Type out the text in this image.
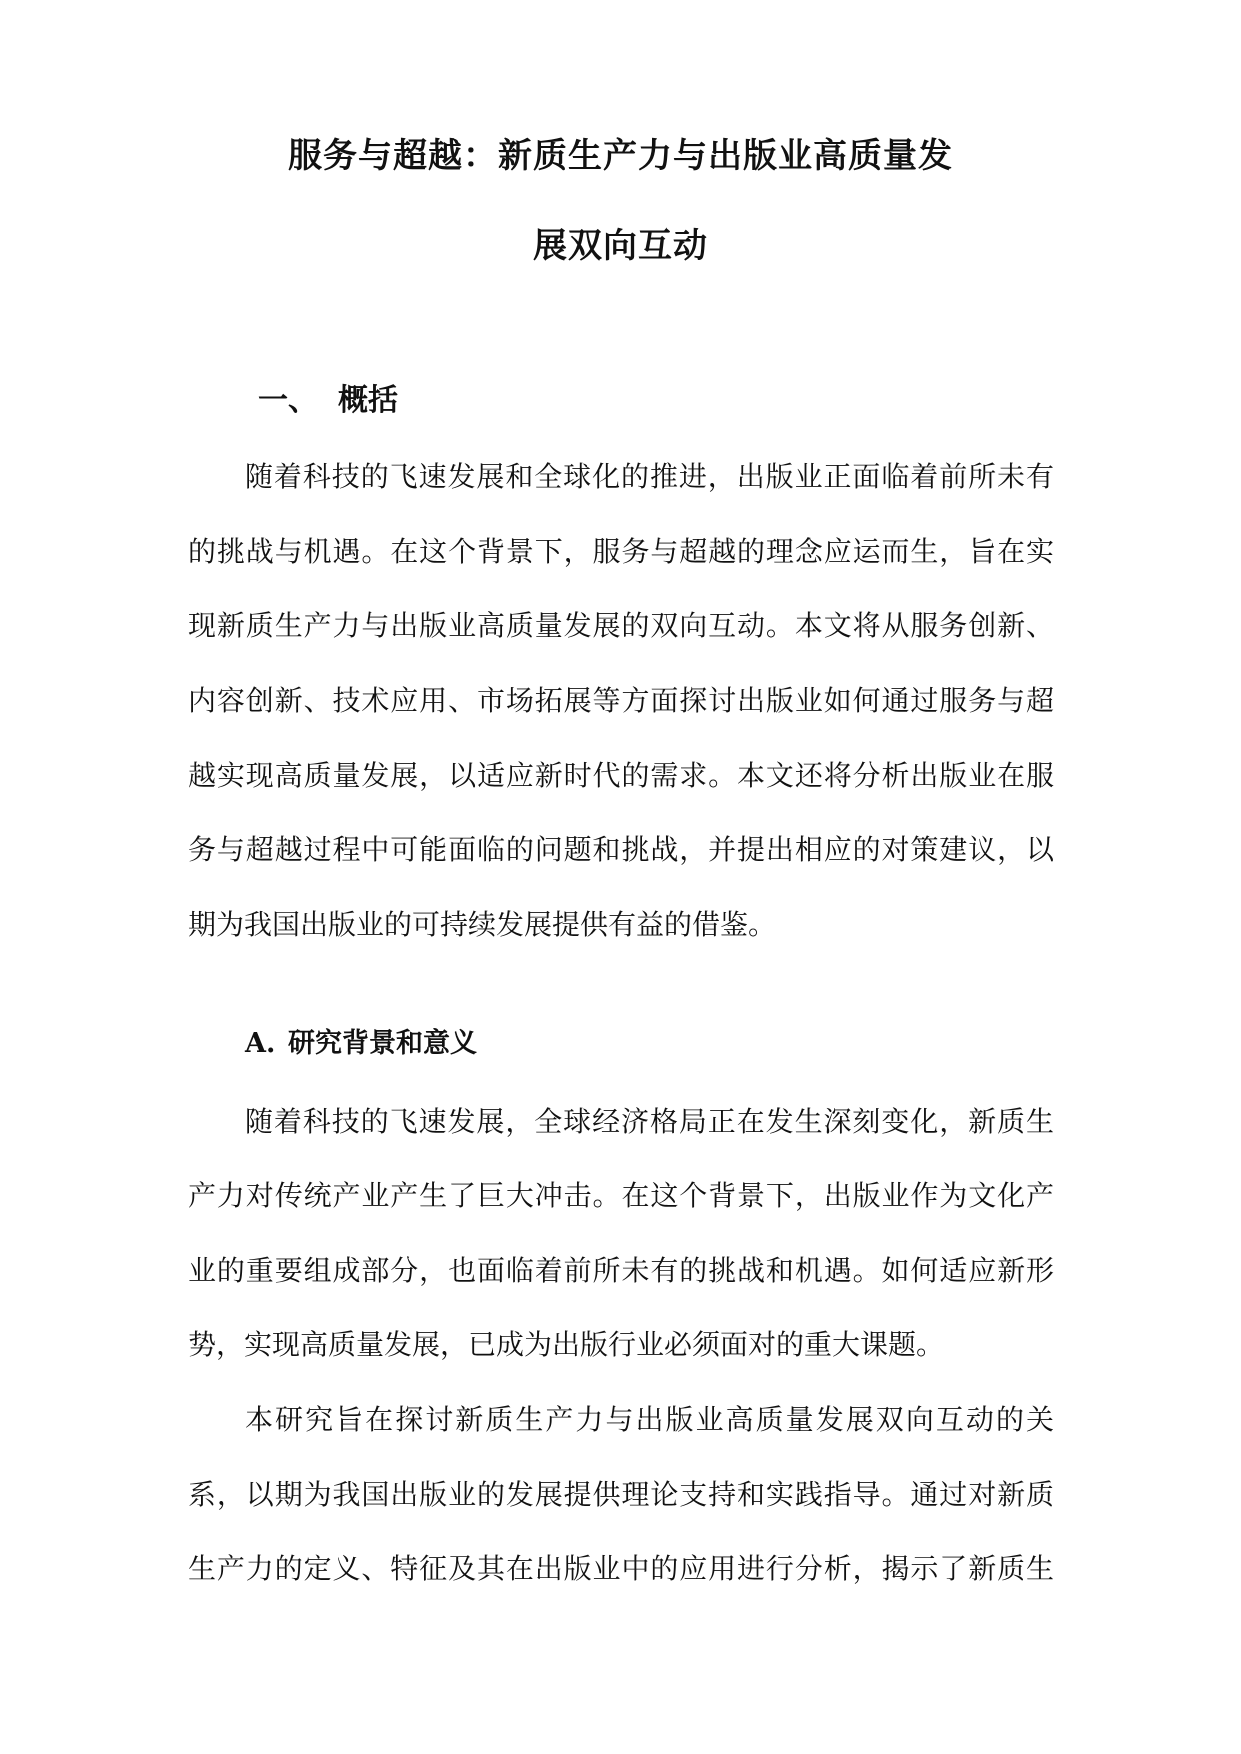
服务与超越：新质生产力与出版业高质量发
展双向互动
一、 概括
随着科技的飞速发展和全球化的推进，出版业正面临着前所未有
的挑战与机遇。在这个背景下，服务与超越的理念应运而生，旨在实
现新质生产力与出版业高质量发展的双向互动。本文将从服务创新、
内容创新、技术应用、市场拓展等方面探讨出版业如何通过服务与超
越实现高质量发展，以适应新时代的需求。本文还将分析出版业在服
务与超越过程中可能面临的问题和挑战，并提出相应的对策建议，以
期为我国出版业的可持续发展提供有益的借鉴。
A. 研究背景和意义
随着科技的飞速发展，全球经济格局正在发生深刻变化，新质生
产力对传统产业产生了巨大冲击。在这个背景下，出版业作为文化产
业的重要组成部分，也面临着前所未有的挑战和机遇。如何适应新形
势，实现高质量发展，已成为出版行业必须面对的重大课题。
本研究旨在探讨新质生产力与出版业高质量发展双向互动的关
系，以期为我国出版业的发展提供理论支持和实践指导。通过对新质
生产力的定义、特征及其在出版业中的应用进行分析，揭示了新质生
